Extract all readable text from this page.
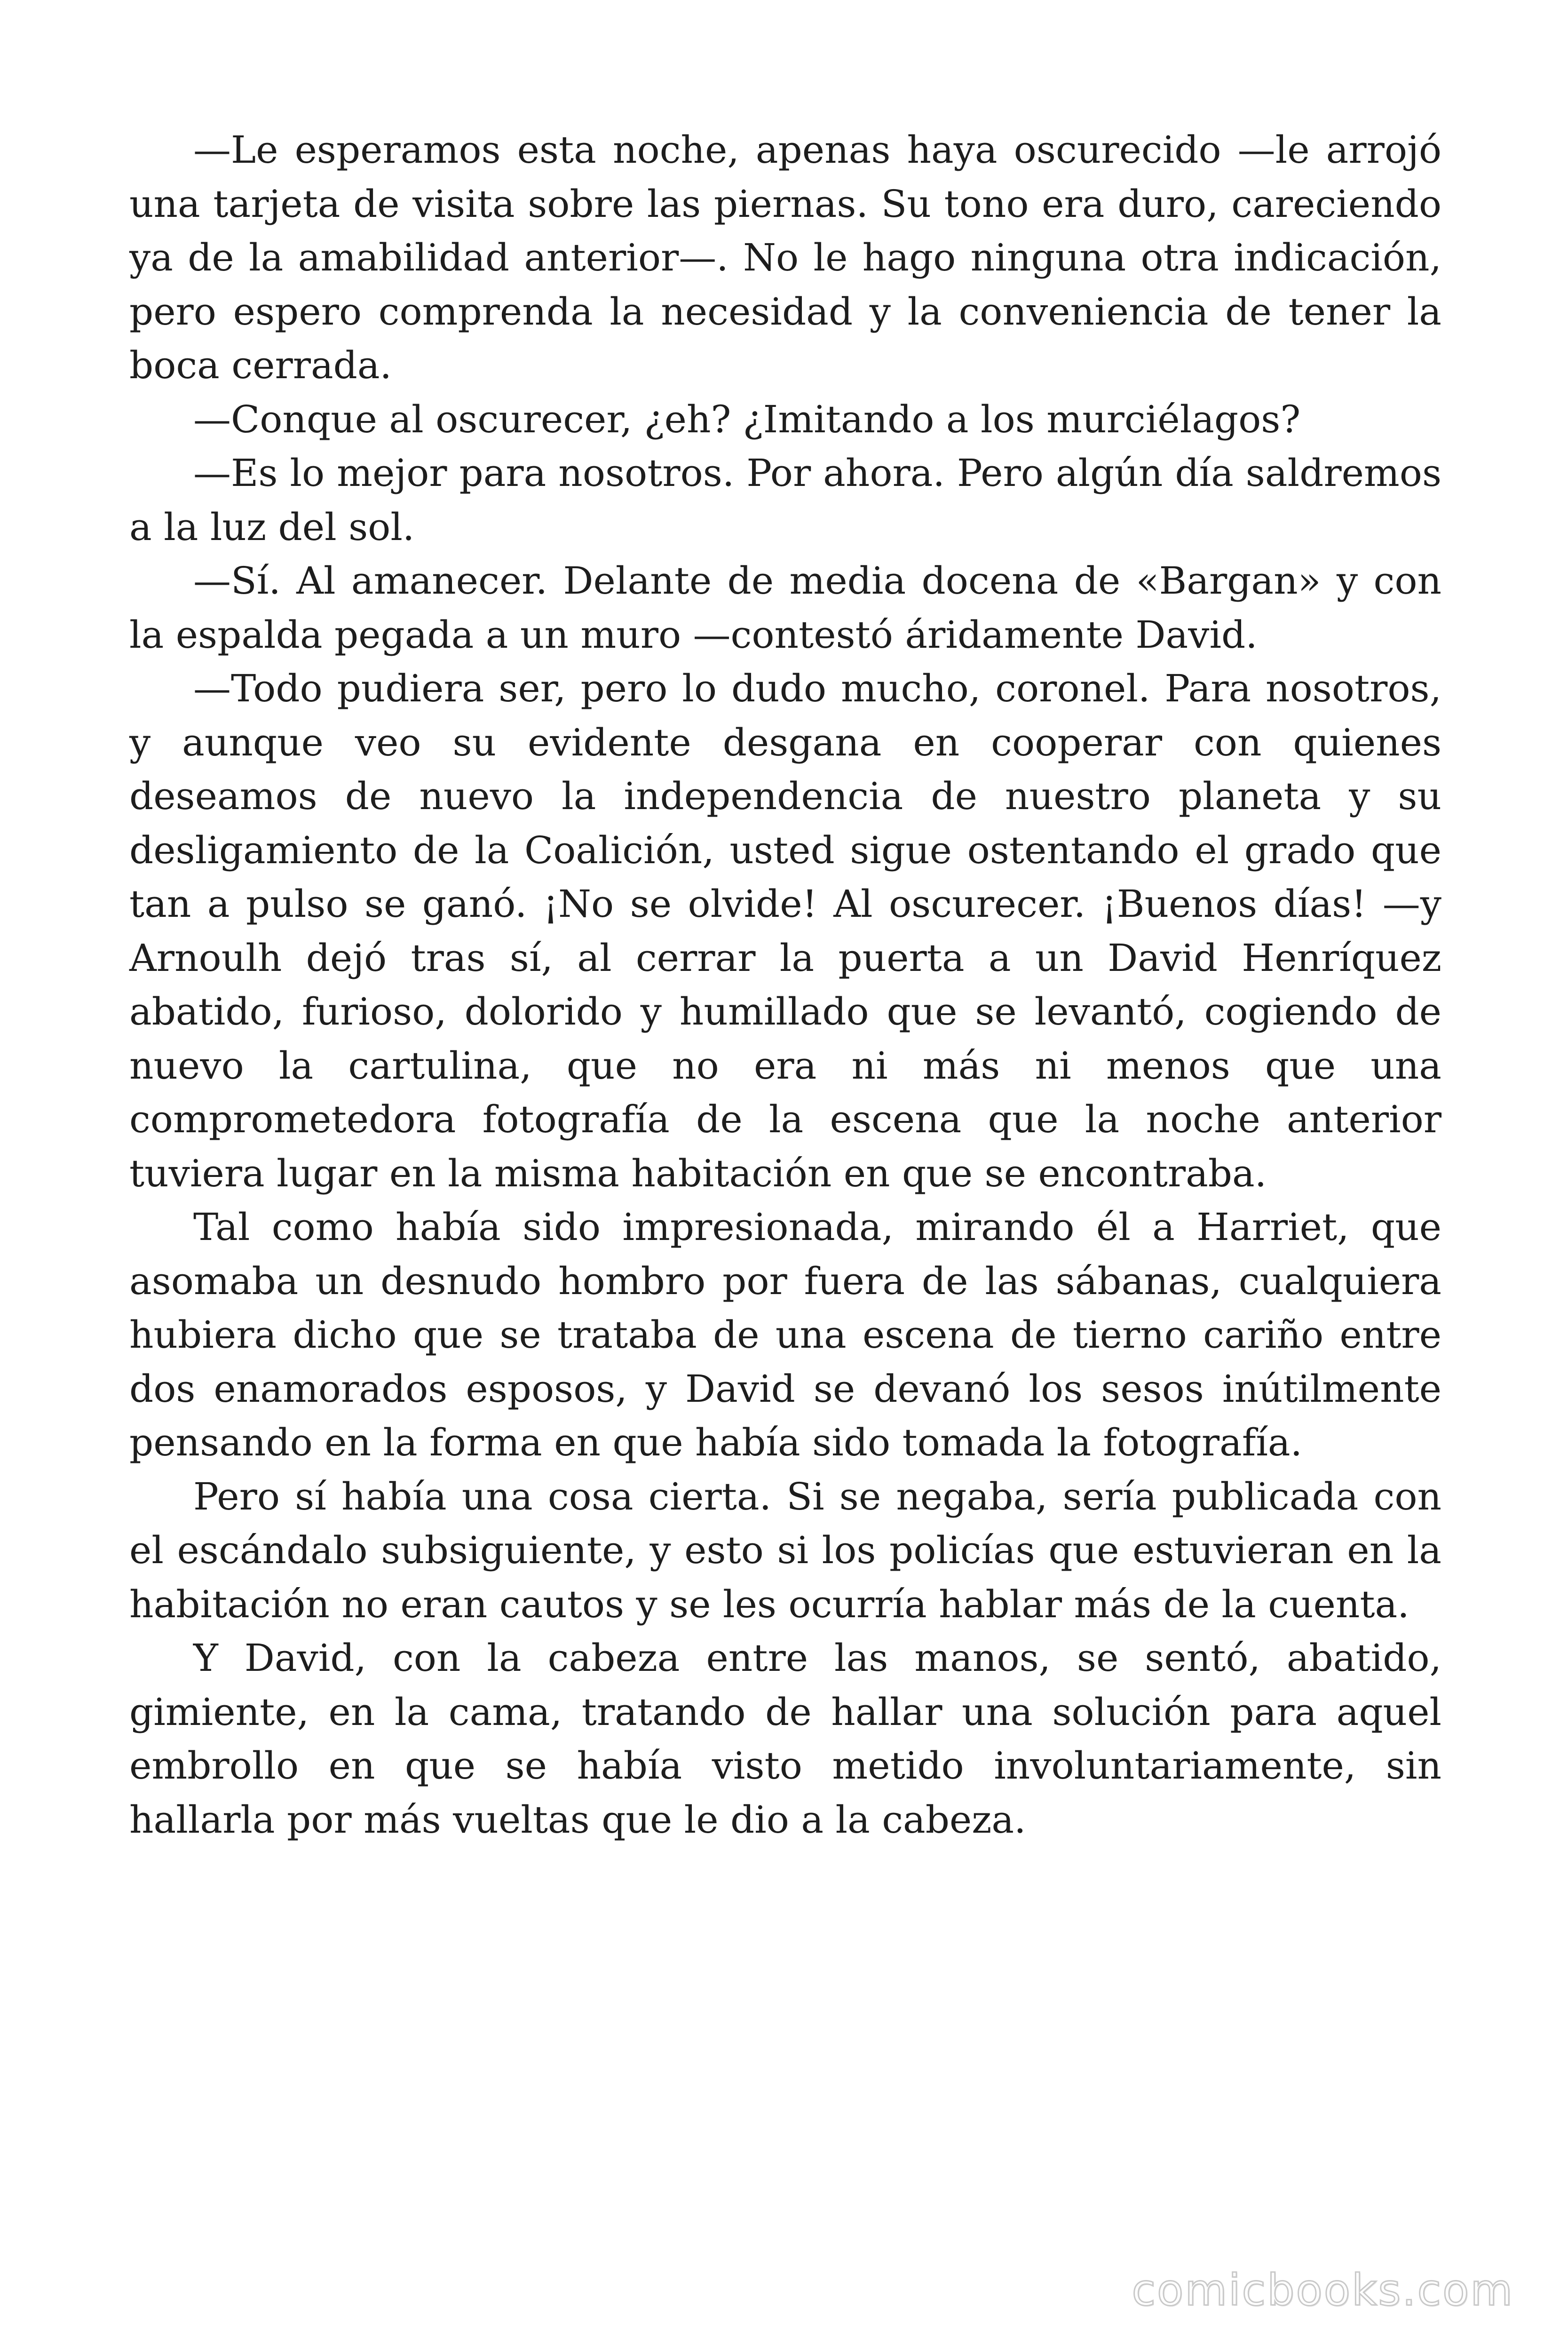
—Le esperamos esta noche, apenas haya oscurecido —le arrojó una tarjeta de visita sobre las piernas. Su tono era duro, careciendo ya de la amabilidad anterior—. No le hago ninguna otra indicación, pero espero comprenda la necesidad y la conveniencia de tener la boca cerrada.

—Conque al oscurecer, ¿eh? ¿Imitando a los murciélagos?

—Es lo mejor para nosotros. Por ahora. Pero algún día saldremos a la luz del sol.

—Sí. Al amanecer. Delante de media docena de «Bargan» y con la espalda pegada a un muro —contestó áridamente David.

—Todo pudiera ser, pero lo dudo mucho, coronel. Para nosotros, y aunque veo su evidente desgana en cooperar con quienes deseamos de nuevo la independencia de nuestro planeta y su desligamiento de la Coalición, usted sigue ostentando el grado que tan a pulso se ganó. ¡No se olvide! Al oscurecer. ¡Buenos días! —y Arnoulh dejó tras sí, al cerrar la puerta a un David Henríquez abatido, furioso, dolorido y humillado que se levantó, cogiendo de nuevo la cartulina, que no era ni más ni menos que una comprometedora fotografía de la escena que la noche anterior tuviera lugar en la misma habitación en que se encontraba.

Tal como había sido impresionada, mirando él a Harriet, que asomaba un desnudo hombro por fuera de las sábanas, cualquiera hubiera dicho que se trataba de una escena de tierno cariño entre dos enamorados esposos, y David se devanó los sesos inútilmente pensando en la forma en que había sido tomada la fotografía.

Pero sí había una cosa cierta. Si se negaba, sería publicada con el escándalo subsiguiente, y esto si los policías que estuvieran en la habitación no eran cautos y se les ocurría hablar más de la cuenta.

Y David, con la cabeza entre las manos, se sentó, abatido, gimiente, en la cama, tratando de hallar una solución para aquel embrollo en que se había visto metido involuntariamente, sin hallarla por más vueltas que le dio a la cabeza.

comicbooks.com
